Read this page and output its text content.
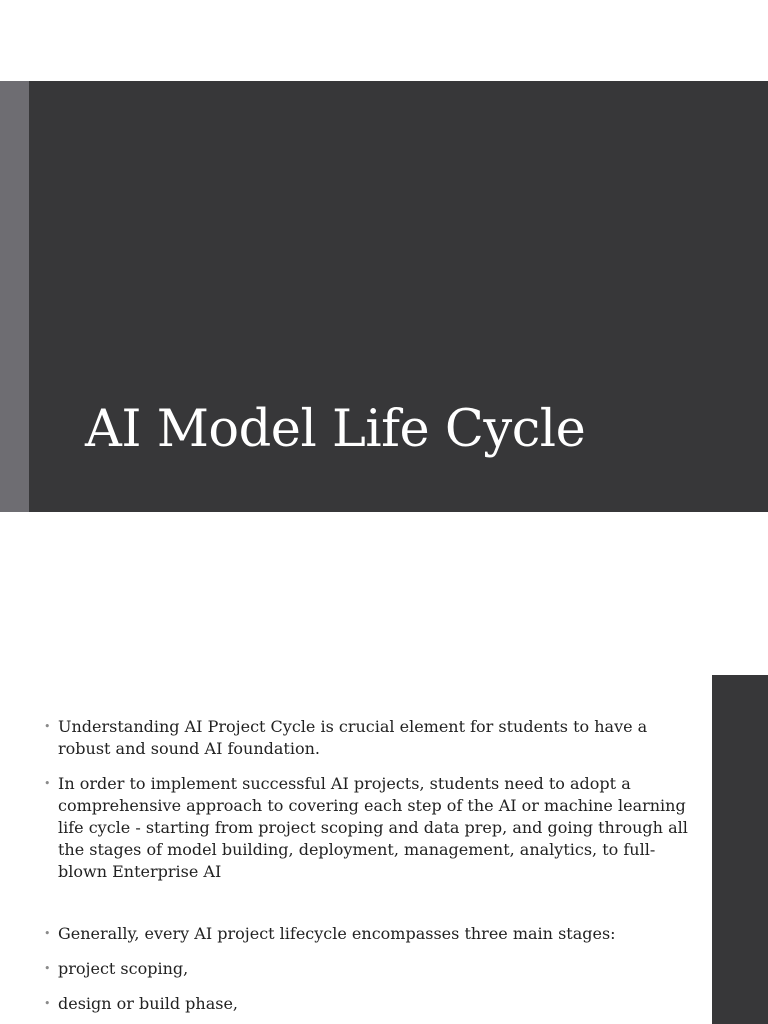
AI Model Life Cycle
• Understanding AI Project Cycle is crucial element for students to have a robust and sound AI foundation.
• In order to implement successful AI projects, students need to adopt a comprehensive approach to covering each step of the AI or machine learning life cycle - starting from project scoping and data prep, and going through all the stages of model building, deployment, management, analytics, to full-blown Enterprise AI
• Generally, every AI project lifecycle encompasses three main stages:
• project scoping,
• design or build phase,
